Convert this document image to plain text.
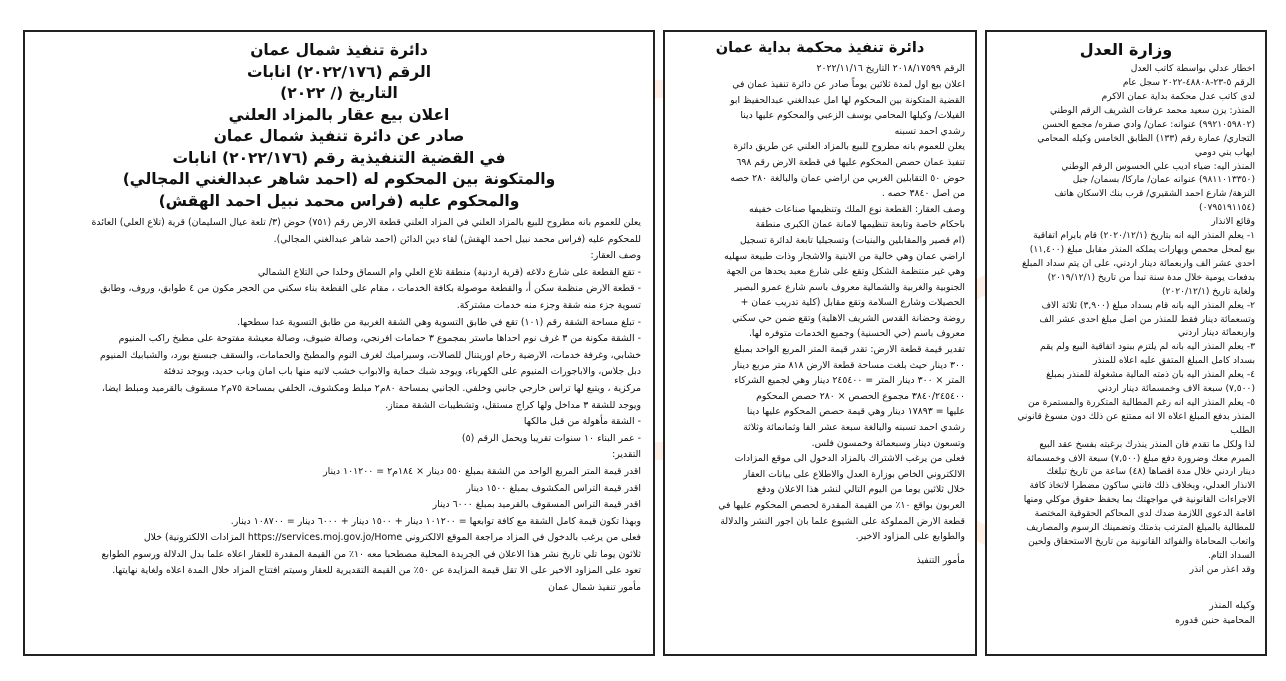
دائرة تنفيذ شمال عمان

الرقم (٢٠٢٢/١٧٦) انابات

التاريخ (/ ٢٠٢٢)

اعلان بيع عقار بالمزاد العلني

صادر عن دائرة تنفيذ شمال عمان

في القضية التنفيذية رقم (٢٠٢٢/١٧٦) انابات

والمتكونة بين المحكوم له (احمد شاهر عبدالغني المجالي)

والمحكوم عليه (فراس محمد نبيل احمد الهقش)

يعلن للعموم بانه مطروح للبيع بالمزاد العلني في المزاد العلني قطعة الارض رقم (٧٥١) حوض (٣/ تلعة عيال السليمان) قرية (تلاع العلي) العائدة

للمحكوم عليه (فراس محمد نبيل احمد الهقش) لقاء دين الدائن (احمد شاهر عبدالغني المجالي).

وصف العقار:

- تقع القطعة على شارع دلاغه (قرية اردنية) منطقة تلاع العلي وام السماق وخلدا حي التلاع الشمالي

- قطعة الارض منظمة سكن أ، والقطعة موصولة بكافة الخدمات ، مقام على القطعة بناء سكني من الحجر مكون من ٤ طوابق، وروف، وطابق

تسوية جزء منه شقة وجزء منه خدمات مشتركة.

- تبلغ مساحة الشقة رقم (١٠١) تقع في طابق التسوية وهي الشقة الغربية من طابق التسوية عدا سطحها.

- الشقة مكونة من ٣ غرف نوم احداها ماستر بمجموع ٣ حمامات افرنجي، وصالة ضيوف، وصالة معيشة مفتوحة على مطبخ راكب المنيوم

خشابي، وغرفة خدمات، الارضية رخام اوريتنال للصالات، وسيراميك لغرف النوم والمطبخ والحمامات، والسقف جبسنغ بورد، والشبابيك المنيوم

دبل جلاس، والاباجورات المنيوم على الكهرباء، ويوجد شبك حماية والابواب خشب لاتيه منها باب امان وباب حديد، ويوجد تدفئة

مركزية ، ويتبع لها تراس خارجي جانبي وخلفي. الجانبي بمساحة ٨٠م٢ مبلط ومكشوف، الخلفي بمساحة ٧٥م٢ مسقوف بالقرميد ومبلط ايضا،

ويوجد للشقة ٣ مداخل ولها كراج مستقل، وتشطيبات الشقة ممتاز.

- الشقة مأهولة من قبل مالكها

- عمر البناء ١٠ سنوات تقريبا ويحمل الرقم (٥)

التقدير:

اقدر قيمة المتر المربع الواحد من الشقة بمبلغ ٥٥٠ دينار × ١٨٤م٢ = ١٠١٢٠٠ دينار

اقدر قيمة التراس المكشوف بمبلغ ١٥٠٠ دينار

اقدر قيمة التراس المسقوف بالقرميد بمبلغ ٦٠٠٠ دينار

وبهذا تكون قيمة كامل الشقة مع كافة توابعها = ١٠١٢٠٠ دينار + ١٥٠٠ دينار + ٦٠٠٠ دينار = ١٠٨٧٠٠ دينار.

فعلى من يرغب بالدخول في المزاد مراجعة الموقع الالكتروني https://services.moj.gov.jo/Home المزادات الالكترونية) خلال

ثلاثون يوما تلي تاريخ نشر هذا الاعلان في الجريدة المحلية مصطحبا معه ١٠٪ من القيمة المقدرة للعقار اعلاه علما بدل الدلالة ورسوم الطوابع

تعود على المزاود الاخير على الا تقل قيمة المزايدة عن ٥٠٪ من القيمة التقديرية للعقار وسيتم افتتاح المزاد خلال المدة اعلاه ولغاية نهايتها.

مأمور تنفيذ شمال عمان

دائرة تنفيذ محكمة بداية عمان

الرقم ٢٠١٨/١٧٥٩٩ التاريخ ٢٠٢٢/١١/١٦

اعلان بيع اول لمدة ثلاثين يوماً صادر عن دائرة تنفيذ عمان في

القضية المتكونة بين المحكوم لها امل عبدالغني عبدالحفيظ ابو

الفيلات/ وكيلها المحامي يوسف الزعبي والمحكوم عليها دينا

رشدي احمد تسبنه

يعلن للعموم بانه مطروح للبيع بالمزاد العلني عن طريق دائرة

تنفيذ عمان حصص المحكوم عليها في قطعة الارض رقم ٦٩٨

حوض ٥٠ التقابلين الغربي من اراضي عمان والبالغة ٢٨٠ حصه

من اصل ٣٨٤٠ حصه .

وصف العقار: القطعة نوع الملك وتنظيمها صناعات خفيفه

باحكام خاصة وتابعة تنظيمها لامانة عمان الكبرى منطقة

(ام قصير والمقابلين والبنيات) وتسجيليا تابعة لدائرة تسجيل

اراضي عمان وهي خالية من الابنية والاشجار وذات طبيعة سهليه

وهي غير منتظمة الشكل وتقع على شارع معبد يحدها من الجهة

الجنوبية والغربية والشمالية معروف باسم شارع عمرو البصير

الحصيلات وشارع السلامة وتقع مقابل (كلية تدريب عمان +

روضة وحضانة القدس الشريف الاهلية) وتقع ضمن حي سكني

معروف باسم (حي الحسنية) وجميع الخدمات متوفره لها.

تقدير قيمة قطعة الارض: تقدر قيمة المتر المربع الواحد بمبلغ

٣٠٠ دينار حيث بلغت مساحة قطعة الارض ٨١٨ متر مربع دينار

المتر × ٣٠٠ دينار المتر = ٢٤٥٤٠٠ دينار وهي لجميع الشركاء

٣٨٤٠/٢٤٥٤٠٠ مجموع الحصص × ٢٨٠ حصص المحكوم

عليها = ١٧٨٩٣ دينار وهي قيمة حصص المحكوم عليها دينا

رشدي احمد تسبنه والبالغة سبعة عشر الفا وثمانمائة وثلاثة

وتسعون دينار وسبعمائة وخمسون فلس.

فعلى من يرغب الاشتراك بالمزاد الدخول الى موقع المزادات

الالكتروني الخاص بوزارة العدل والاطلاع على بيانات العقار

خلال ثلاثين يوما من اليوم التالي لنشر هذا الاعلان ودفع

العربون بواقع ١٠٪ من القيمة المقدرة لحصص المحكوم عليها في

قطعة الارض المملوكة على الشيوع علما بان اجور النشر والدلالة

والطوابع على المزاود الاخير.

مأمور التنفيذ

وزارة العدل

اخطار عدلي بواسطة كاتب العدل

الرقم ٥-٢٣-٤٨٨٠٨-٢٠٢٢ سجل عام

لدى كاتب عدل محكمة بداية عمان الاكرم

المنذر: يزن سعيد محمد عرفات الشريف الرقم الوطني

(٩٩٢١٠٥٩٨٠٢) عنوانه: عمان/ وادي صقره/ مجمع الحسن

التجاري/ عمارة رقم (١٣٣) الطابق الخامس وكيله المحامي

ايهاب بني دومي

المنذر اليه: ضياء اديب علي الحسوس الرقم الوطني

(٩٨١١٠١٣٣٥٠) عنوانه عمان/ ماركا/ بسمان/ جبل

النزهة/ شارع احمد الشقيري/ قرب بنك الاسكان هاتف

(٠٧٩٥١٩١١٥٤)

وقائع الانذار

١- يعلم المنذر اليه انه بتاريخ (٢٠٢٠/١٢/١) قام بابرام اتفاقية

بيع لمحل محمص وبهارات يملكه المنذر مقابل مبلغ (١١,٤٠٠)

احدى عشر الف واربعمائة دينار اردني، على ان يتم سداد المبلغ

بدفعات يومية خلال مدة سنة تبدأ من تاريخ (٢٠١٩/١٢/١)

ولغاية تاريخ (٢٠٢٠/١٢/١)

٢- يعلم المنذر اليه بانه قام بسداد مبلغ (٣,٩٠٠) ثلاثة الاف

وتسعمائة دينار فقط للمنذر من اصل مبلغ احدى عشر الف

واربعمائة دينار اردني

٣- يعلم المنذر اليه بانه لم يلتزم ببنود اتفاقية البيع ولم يقم

بسداد كامل المبلغ المتفق عليه اعلاه للمنذر

٤- يعلم المنذر اليه بان ذمته المالية مشغولة للمنذر بمبلغ

(٧,٥٠٠) سبعة الاف وخمسمائة دينار اردني

٥- يعلم المنذر اليه انه رغم المطالبة المتكررة والمستمرة من

المنذر بدفع المبلغ اعلاه الا انه ممتنع عن ذلك دون مسوغ قانوني

الطلب

لذا ولكل ما تقدم فان المنذر ينذرك برغبته بفسخ عقد البيع

المبرم معك وضرورة دفع مبلغ (٧,٥٠٠) سبعة الاف وخمسمائة

دينار اردني خلال مدة اقصاها (٤٨) ساعة من تاريخ تبلغك

الانذار العدلي، وبخلاف ذلك فانني ساكون مضطرا لاتخاذ كافة

الاجراءات القانونية في مواجهتك بما يحفظ حقوق موكلي ومنها

اقامة الدعوى اللازمة ضدك لدى المحاكم الحقوقية المختصة

للمطالبة بالمبلغ المترتب بذمتك وتضمينك الرسوم والمصاريف

واتعاب المحاماة والفوائد القانونية من تاريخ الاستحقاق ولحين

السداد التام.

وقد اعذر من انذر

وكيله المنذر

المحامية حنين قدوره
